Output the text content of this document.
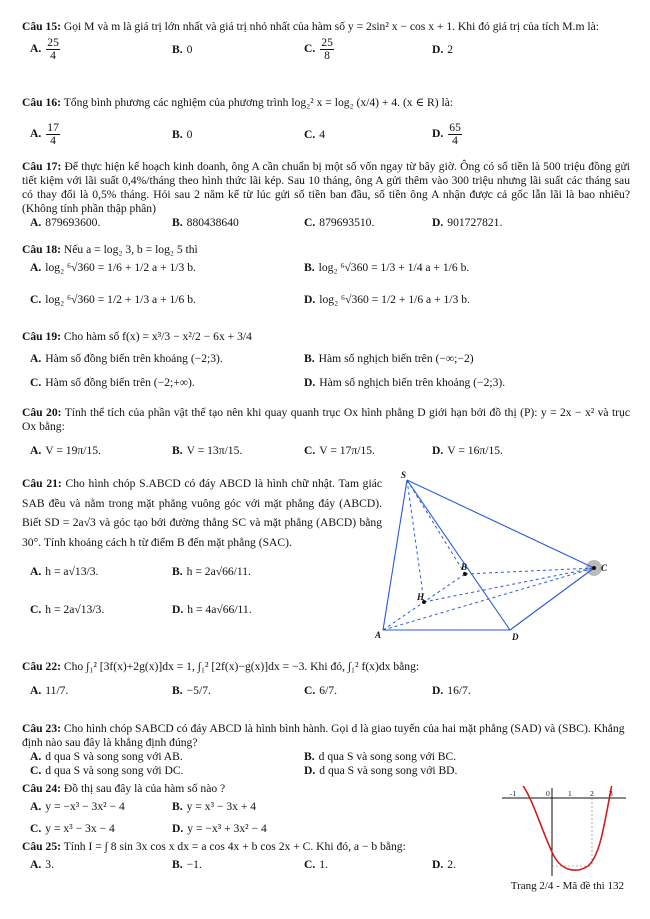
Câu 15: Gọi M và m là giá trị lớn nhất và giá trị nhỏ nhất của hàm số y = 2sin² x − cos x + 1. Khi đó giá trị của tích M.m là:
A. $\frac{25}{4}$	B. 0	C. $\frac{25}{8}$	D. 2
Câu 16: Tổng bình phương các nghiệm của phương trình log₂² x = log₂ (x/4) + 4. (x ∈ R) là:
A. $\frac{17}{4}$	B. 0	C. 4	D. $\frac{65}{4}$
Câu 17: Để thực hiện kế hoạch kinh doanh, ông A cần chuẩn bị một số vốn ngay từ bây giờ. Ông có số tiền là 500 triệu đồng gửi tiết kiệm với lãi suất 0,4%/tháng theo hình thức lãi kép. Sau 10 tháng, ông A gửi thêm vào 300 triệu nhưng lãi suất các tháng sau có thay đổi là 0,5% tháng. Hỏi sau 2 năm kể từ lúc gửi số tiền ban đầu, số tiền ông A nhận được cả gốc lẫn lãi là bao nhiêu? (Không tính phần thập phân)
A. 879693600.	B. 880438640	C. 879693510.	D. 901727821.
Câu 18: Nếu a = log₂ 3, b = log₂ 5 thì
A. log₂ ⁶√360 = 1/6 + 1/2 a + 1/3 b.	B. log₂ ⁶√360 = 1/3 + 1/4 a + 1/6 b.
C. log₂ ⁶√360 = 1/2 + 1/3 a + 1/6 b.	D. log₂ ⁶√360 = 1/2 + 1/6 a + 1/3 b.
Câu 19: Cho hàm số f(x) = x³/3 − x²/2 − 6x + 3/4
A. Hàm số đồng biến trên khoảng (−2;3).	B. Hàm số nghịch biến trên (−∞;−2)
C. Hàm số đồng biến trên (−2;+∞).	D. Hàm số nghịch biến trên khoảng (−2;3).
Câu 20: Tính thể tích của phần vật thể tạo nên khi quay quanh trục Ox hình phẳng D giới hạn bởi đồ thị (P): y = 2x − x² và trục Ox bằng:
A. V = 19π/15.	B. V = 13π/15.	C. V = 17π/15.	D. V = 16π/15.
Câu 21: Cho hình chóp S.ABCD có đáy ABCD là hình chữ nhật. Tam giác SAB đều và nằm trong mặt phẳng vuông góc với mặt phẳng đáy (ABCD). Biết SD = 2a√3 và góc tạo bởi đường thẳng SC và mặt phẳng (ABCD) bằng 30°. Tính khoảng cách h từ điểm B đến mặt phẳng (SAC).
A. h = a√13/3.	B. h = 2a√66/11.
C. h = 2a√13/3.	D. h = 4a√66/11.
S
A
B	C
D
H
Câu 22: Cho ∫₁² [3f(x)+2g(x)]dx = 1, ∫₁² [2f(x)−g(x)]dx = −3. Khi đó, ∫₁² f(x)dx bằng:
A. 11/7.	B. −5/7.	C. 6/7.	D. 16/7.
Câu 23: Cho hình chóp SABCD có đáy ABCD là hình bình hành. Gọi d là giao tuyến của hai mặt phẳng (SAD) và (SBC). Khẳng định nào sau đây là khẳng định đúng?
A. d qua S và song song với AB.	B. d qua S và song song với BC.
C. d qua S và song song với DC.	D. d qua S và song song với BD.
Câu 24: Đồ thị sau đây là của hàm số nào ?
A. y = −x³ − 3x² − 4	B. y = x³ − 3x + 4
C. y = x³ − 3x − 4	D. y = −x³ + 3x² − 4
-1	0 1 2 3
Câu 25: Tính I = ∫ 8 sin 3x cos x dx = a cos 4x + b cos 2x + C. Khi đó, a − b bằng:
A. 3.	B. −1.	C. 1.	D. 2.
Trang 2/4 - Mã đề thi 132
